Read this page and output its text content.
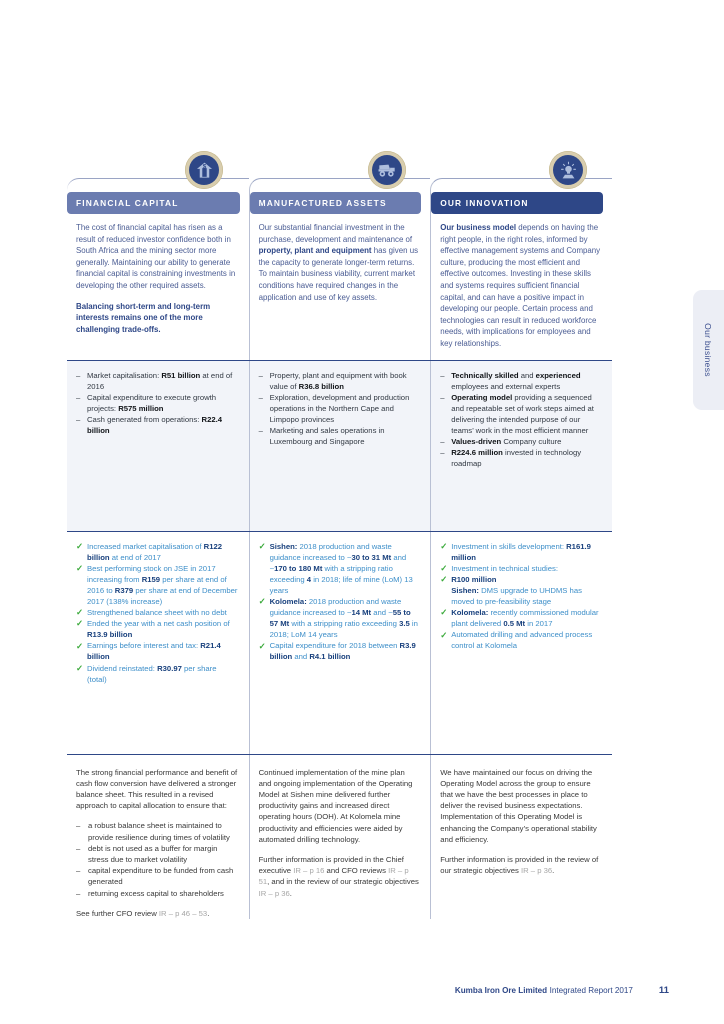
Our business
$
FINANCIAL CAPITAL

The cost of financial capital has risen as a result of reduced investor confidence both in South Africa and the mining sector more generally. Maintaining our ability to generate financial capital is constraining investments in developing the other required assets.

Balancing short-term and long-term interests remains one of the more challenging trade-offs.

MANUFACTURED ASSETS

Our substantial financial investment in the purchase, development and maintenance of property, plant and equipment has given us the capacity to generate longer-term returns. To maintain business viability, current market conditions have required changes in the application and use of key assets.

OUR INNOVATION

Our business model depends on having the right people, in the right roles, informed by effective management systems and Company culture, producing the most efficient and effective outcomes. Investing in these skills and systems requires sufficient financial capital, and can have a positive impact in developing our people. Certain process and technologies can result in reduced workforce needs, with implications for employees and key relationships.

– Market capitalisation: R51 billion at end of 2016
– Capital expenditure to execute growth projects: R575 million
– Cash generated from operations: R22.4 billion
– Property, plant and equipment with book value of R36.8 billion
– Exploration, development and production operations in the Northern Cape and Limpopo provinces
– Marketing and sales operations in Luxembourg and Singapore
– Technically skilled and experienced employees and external experts
– Operating model providing a sequenced and repeatable set of work steps aimed at delivering the intended purpose of our teams’ work in the most efficient manner
– Values-driven Company culture
– R224.6 million invested in technology roadmap
✓ Increased market capitalisation of R122 billion at end of 2017
✓ Best performing stock on JSE in 2017 increasing from R159 per share at end of 2016 to R379 per share at end of December 2017 (138% increase)
✓ Strengthened balance sheet with no debt
✓ Ended the year with a net cash position of R13.9 billion
✓ Earnings before interest and tax: R21.4 billion
✓ Dividend reinstated: R30.97 per share (total)
✓ Sishen: 2018 production and waste guidance increased to ~30 to 31 Mt and ~170 to 180 Mt with a stripping ratio exceeding 4 in 2018; life of mine (LoM) 13 years
✓ Kolomela: 2018 production and waste guidance increased to ~14 Mt and ~55 to 57 Mt with a stripping ratio exceeding 3.5 in 2018; LoM 14 years
✓ Capital expenditure for 2018 between R3.9 billion and R4.1 billion
✓ Investment in skills development: R161.9 million
✓ Investment in technical studies:
✓ R100 million
Sishen: DMS upgrade to UHDMS has moved to pre-feasibility stage
✓ Kolomela: recently commissioned modular plant delivered 0.5 Mt in 2017
✓ Automated drilling and advanced process control at Kolomela

The strong financial performance and benefit of cash flow conversion have delivered a stronger balance sheet. This resulted in a revised approach to capital allocation to ensure that:

– a robust balance sheet is maintained to provide resilience during times of volatility
– debt is not used as a buffer for margin stress due to market volatility
– capital expenditure to be funded from cash generated
– returning excess capital to shareholders

See further CFO review IR – p 46 – 53.

Continued implementation of the mine plan and ongoing implementation of the Operating Model at Sishen mine delivered further productivity gains and increased direct operating hours (DOH). At Kolomela mine productivity and efficiencies were aided by automated drilling technology.

Further information is provided in the Chief executive IR – p 16 and CFO reviews IR – p 51, and in the review of our strategic objectives IR – p 36.

We have maintained our focus on driving the Operating Model across the group to ensure that we have the best processes in place to deliver the revised business expectations. Implementation of this Operating Model is enhancing the Company’s operational stability and efficiency.

Further information is provided in the review of our strategic objectives IR – p 36.

Kumba Iron Ore Limited Integrated Report 2017	11
